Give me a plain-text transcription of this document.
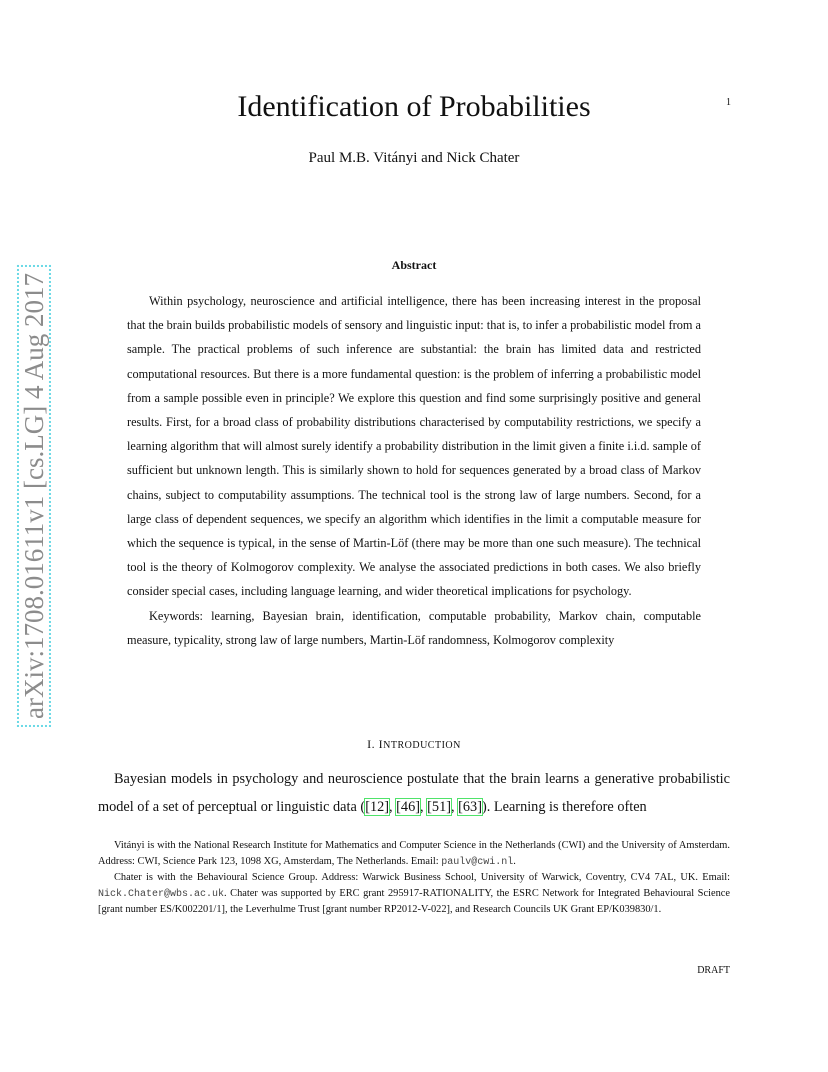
1
Identification of Probabilities
Paul M.B. Vitányi and Nick Chater
arXiv:1708.01611v1 [cs.LG] 4 Aug 2017
Abstract

Within psychology, neuroscience and artificial intelligence, there has been increasing interest in the proposal that the brain builds probabilistic models of sensory and linguistic input: that is, to infer a probabilistic model from a sample. The practical problems of such inference are substantial: the brain has limited data and restricted computational resources. But there is a more fundamental question: is the problem of inferring a probabilistic model from a sample possible even in principle? We explore this question and find some surprisingly positive and general results. First, for a broad class of probability distributions characterised by computability restrictions, we specify a learning algorithm that will almost surely identify a probability distribution in the limit given a finite i.i.d. sample of sufficient but unknown length. This is similarly shown to hold for sequences generated by a broad class of Markov chains, subject to computability assumptions. The technical tool is the strong law of large numbers. Second, for a large class of dependent sequences, we specify an algorithm which identifies in the limit a computable measure for which the sequence is typical, in the sense of Martin-Löf (there may be more than one such measure). The technical tool is the theory of Kolmogorov complexity. We analyse the associated predictions in both cases. We also briefly consider special cases, including language learning, and wider theoretical implications for psychology.

Keywords: learning, Bayesian brain, identification, computable probability, Markov chain, computable measure, typicality, strong law of large numbers, Martin-Löf randomness, Kolmogorov complexity

I. INTRODUCTION

Bayesian models in psychology and neuroscience postulate that the brain learns a generative probabilistic model of a set of perceptual or linguistic data ([12], [46], [51], [63]). Learning is therefore often

Vitányi is with the National Research Institute for Mathematics and Computer Science in the Netherlands (CWI) and the University of Amsterdam. Address: CWI, Science Park 123, 1098 XG, Amsterdam, The Netherlands. Email: paulv@cwi.nl.

Chater is with the Behavioural Science Group. Address: Warwick Business School, University of Warwick, Coventry, CV4 7AL, UK. Email: Nick.Chater@wbs.ac.uk. Chater was supported by ERC grant 295917-RATIONALITY, the ESRC Network for Integrated Behavioural Science [grant number ES/K002201/1], the Leverhulme Trust [grant number RP2012-V-022], and Research Councils UK Grant EP/K039830/1.

DRAFT
